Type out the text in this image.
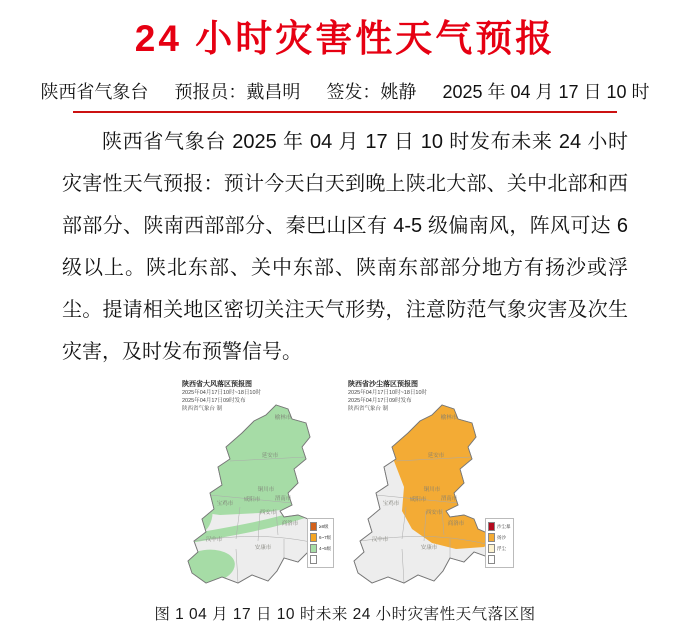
24 小时灾害性天气预报
陕西省气象台 预报员：戴昌明 签发：姚静 2025 年 04 月 17 日 10 时

陕西省气象台 2025 年 04 月 17 日 10 时发布未来 24 小时灾害性天气预报：预计今天白天到晚上陕北大部、关中北部和西部部分、陕南西部部分、秦巴山区有 4-5 级偏南风，阵风可达 6 级以上。陕北东部、关中东部、陕南东部部分地方有扬沙或浮尘。提请相关地区密切关注天气形势，注意防范气象灾害及次生灾害，及时发布预警信号。

陕西省大风落区预报图
2025年04月17日10时~18日10时
2025年04月17日09时发布
陕西省气象台 制
≥8级
6~7级
4~5级
榆林市
延安市
铜川市
咸阳市	渭南市
宝鸡市
西安市
商洛市
汉中市
安康市
陕西省沙尘落区预报图
2025年04月17日10时~18日10时
2025年04月17日09时发布
陕西省气象台 制
沙尘暴
扬沙
浮尘
榆林市
延安市
铜川市
咸阳市	渭南市
宝鸡市
西安市
商洛市
汉中市
安康市
图 1 04 月 17 日 10 时未来 24 小时灾害性天气落区图
